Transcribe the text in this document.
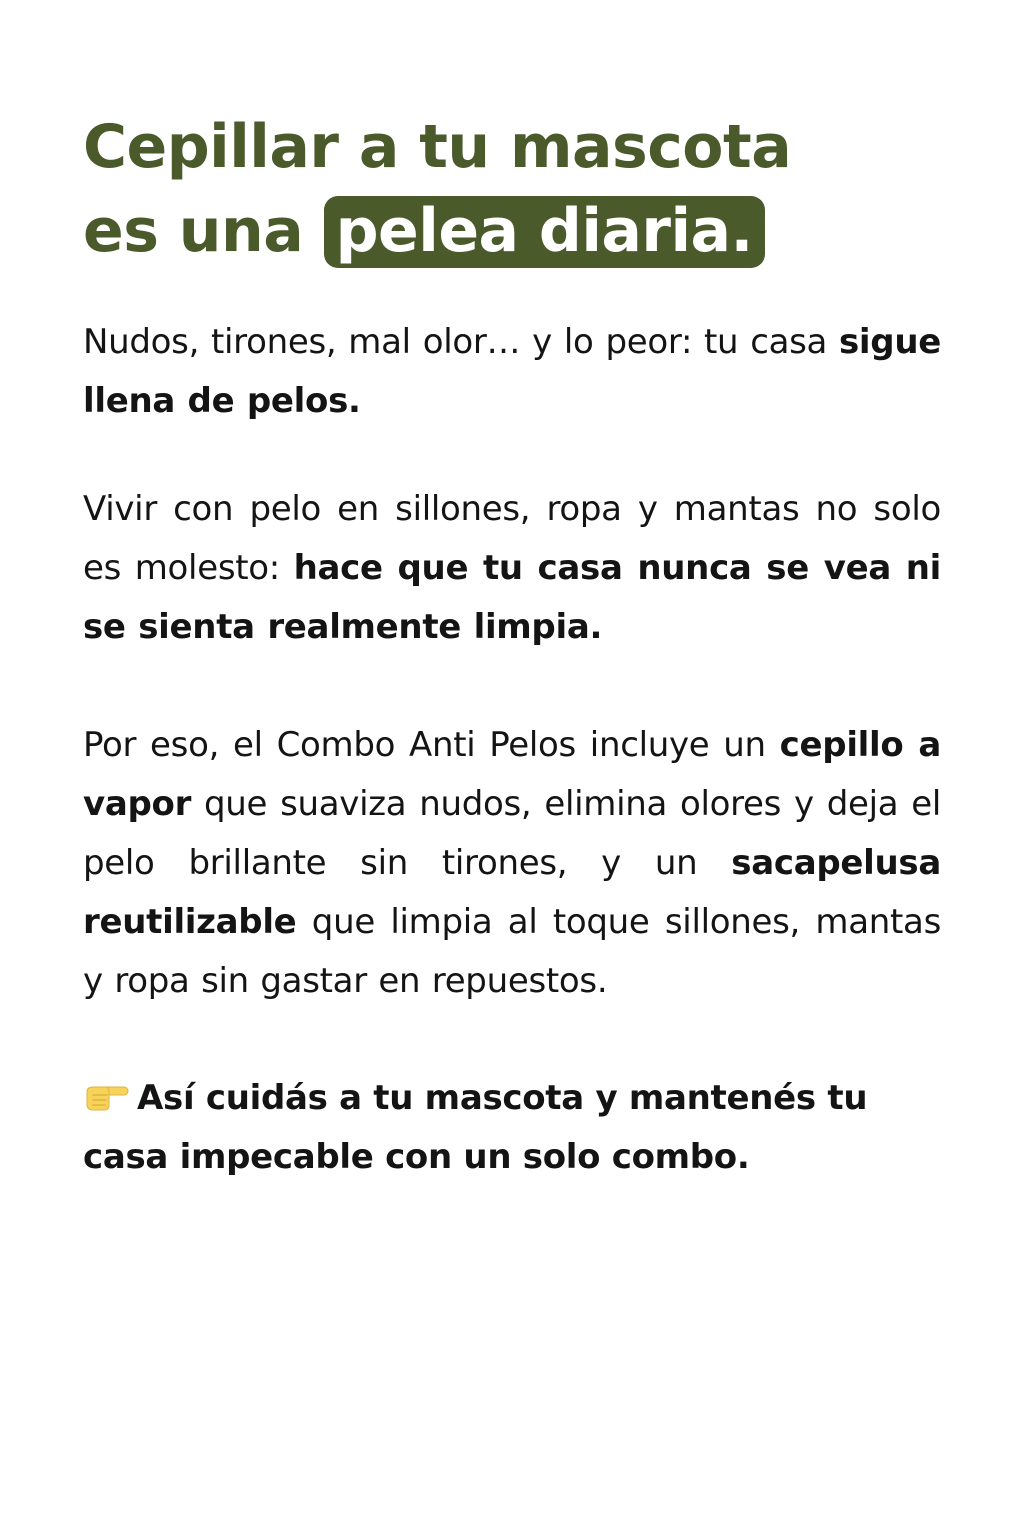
Cepillar a tu mascota
es una pelea diaria.

Nudos, tirones, mal olor… y lo peor: tu casa sigue llena de pelos.

Vivir con pelo en sillones, ropa y mantas no solo es molesto: hace que tu casa nunca se vea ni se sienta realmente limpia.

Por eso, el Combo Anti Pelos incluye un cepillo a vapor que suaviza nudos, elimina olores y deja el pelo brillante sin tirones, y un sacapelusa reutilizable que limpia al toque sillones, mantas y ropa sin gastar en repuestos.

Así cuidás a tu mascota y mantenés tu casa impecable con un solo combo.
